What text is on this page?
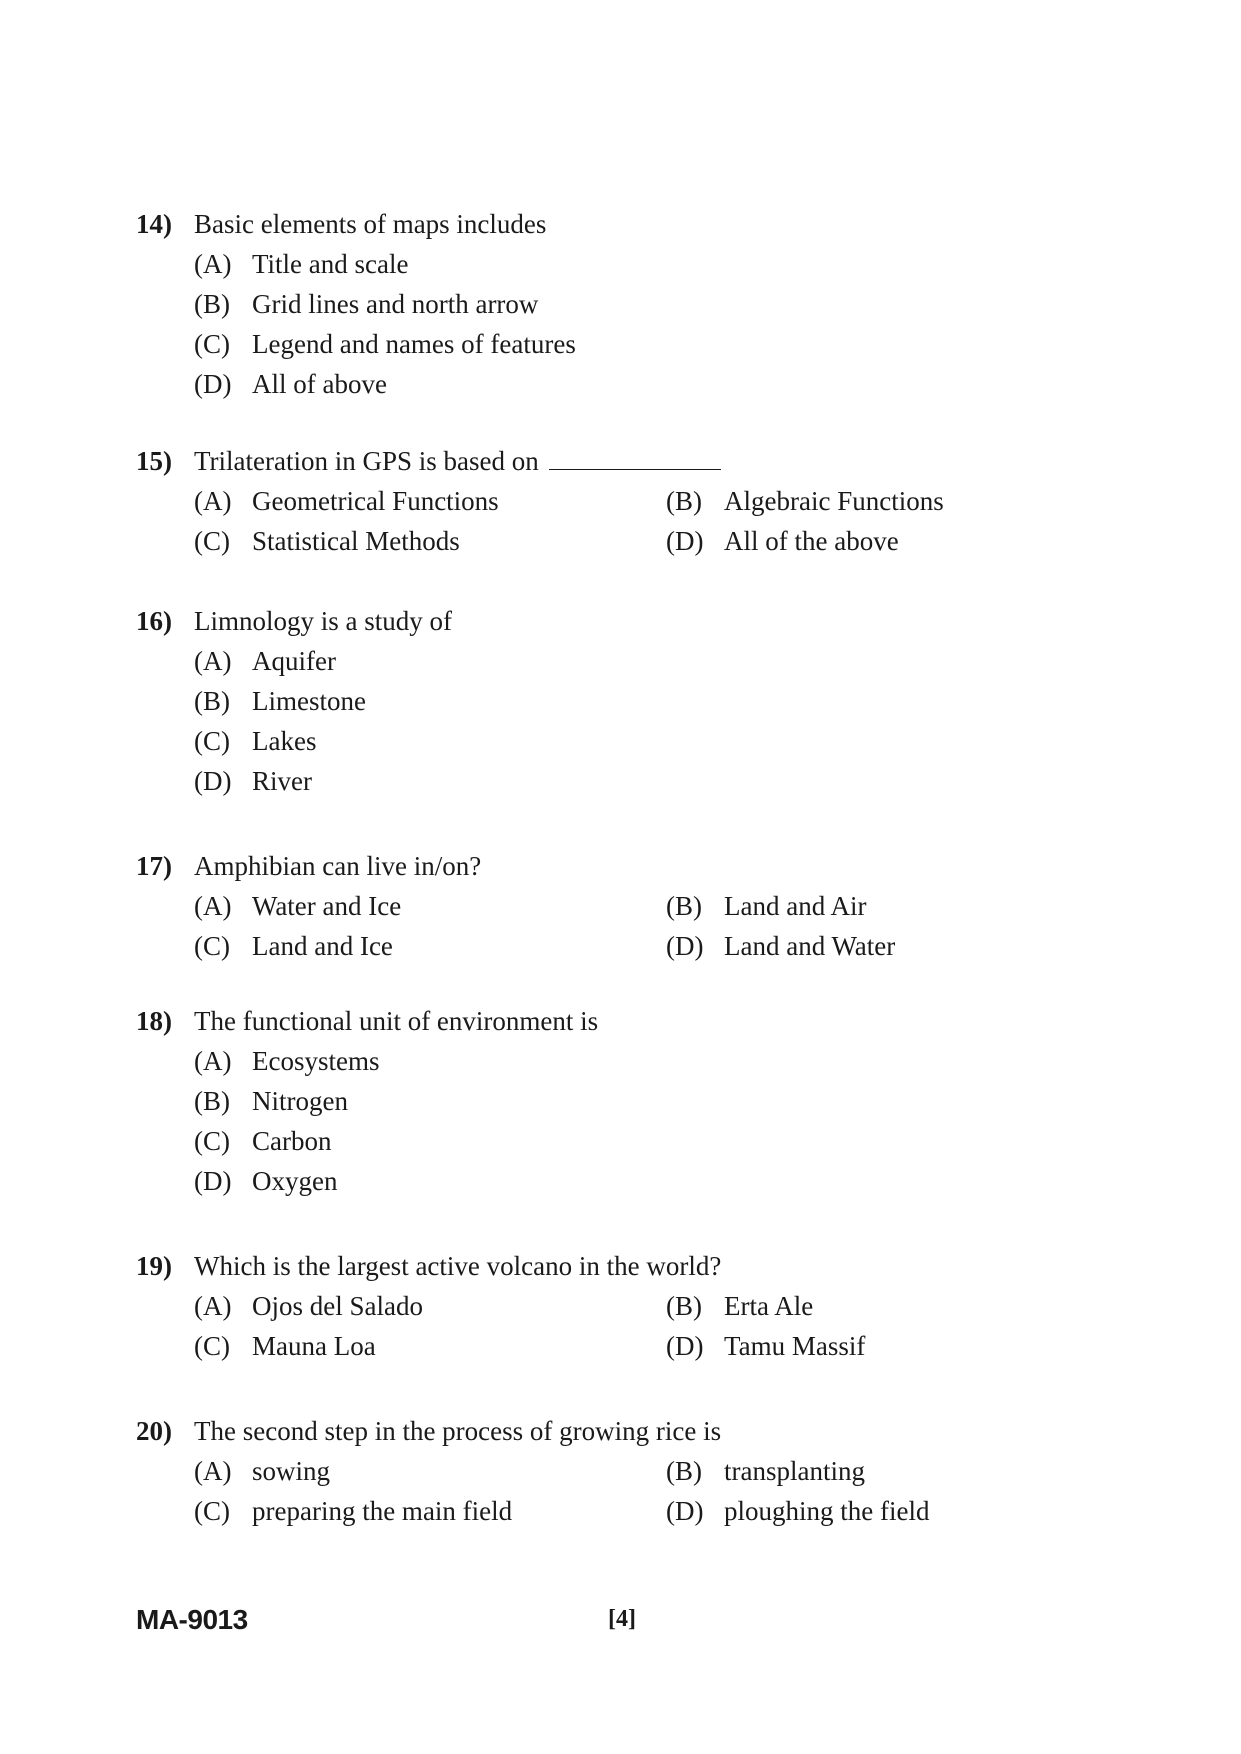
14) Basic elements of maps includes
(A) Title and scale
(B) Grid lines and north arrow
(C) Legend and names of features
(D) All of above
15) Trilateration in GPS is based on
(A) Geometrical Functions	(B) Algebraic Functions
(C) Statistical Methods	(D) All of the above
16) Limnology is a study of
(A) Aquifer
(B) Limestone
(C) Lakes
(D) River
17) Amphibian can live in/on?
(A) Water and Ice	(B) Land and Air
(C) Land and Ice	(D) Land and Water
18) The functional unit of environment is
(A) Ecosystems
(B) Nitrogen
(C) Carbon
(D) Oxygen
19) Which is the largest active volcano in the world?
(A) Ojos del Salado	(B) Erta Ale
(C) Mauna Loa	(D) Tamu Massif
20) The second step in the process of growing rice is
(A) sowing	(B) transplanting
(C) preparing the main field	(D) ploughing the field
MA-9013	[4]
